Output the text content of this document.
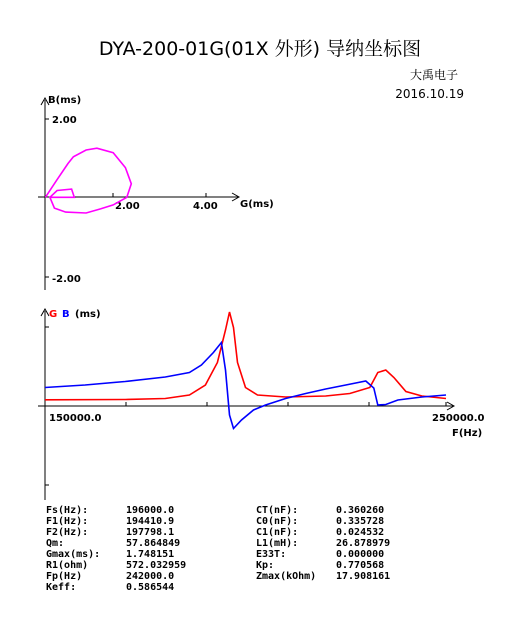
DYA-200-01G(01X 外形) 导纳坐标图
大禹电子
2016.10.19
B(ms)
G(ms)
2.00	4.00
2.00
-2.00
G B (ms)
150000.0	250000.0
F(Hz)
Fs(Hz):	196000.0	CT(nF):	0.360260
F1(Hz):	194410.9	C0(nF):	0.335728
F2(Hz):	197798.1	C1(nF):	0.024532
Qm:	57.864849	L1(mH):	26.878979
Gmax(ms):	1.748151	E33T:	0.000000
R1(ohm)	572.032959	Kp:	0.770568
Fp(Hz)	242000.0	Zmax(kOhm)	17.908161
Keff:	0.586544
